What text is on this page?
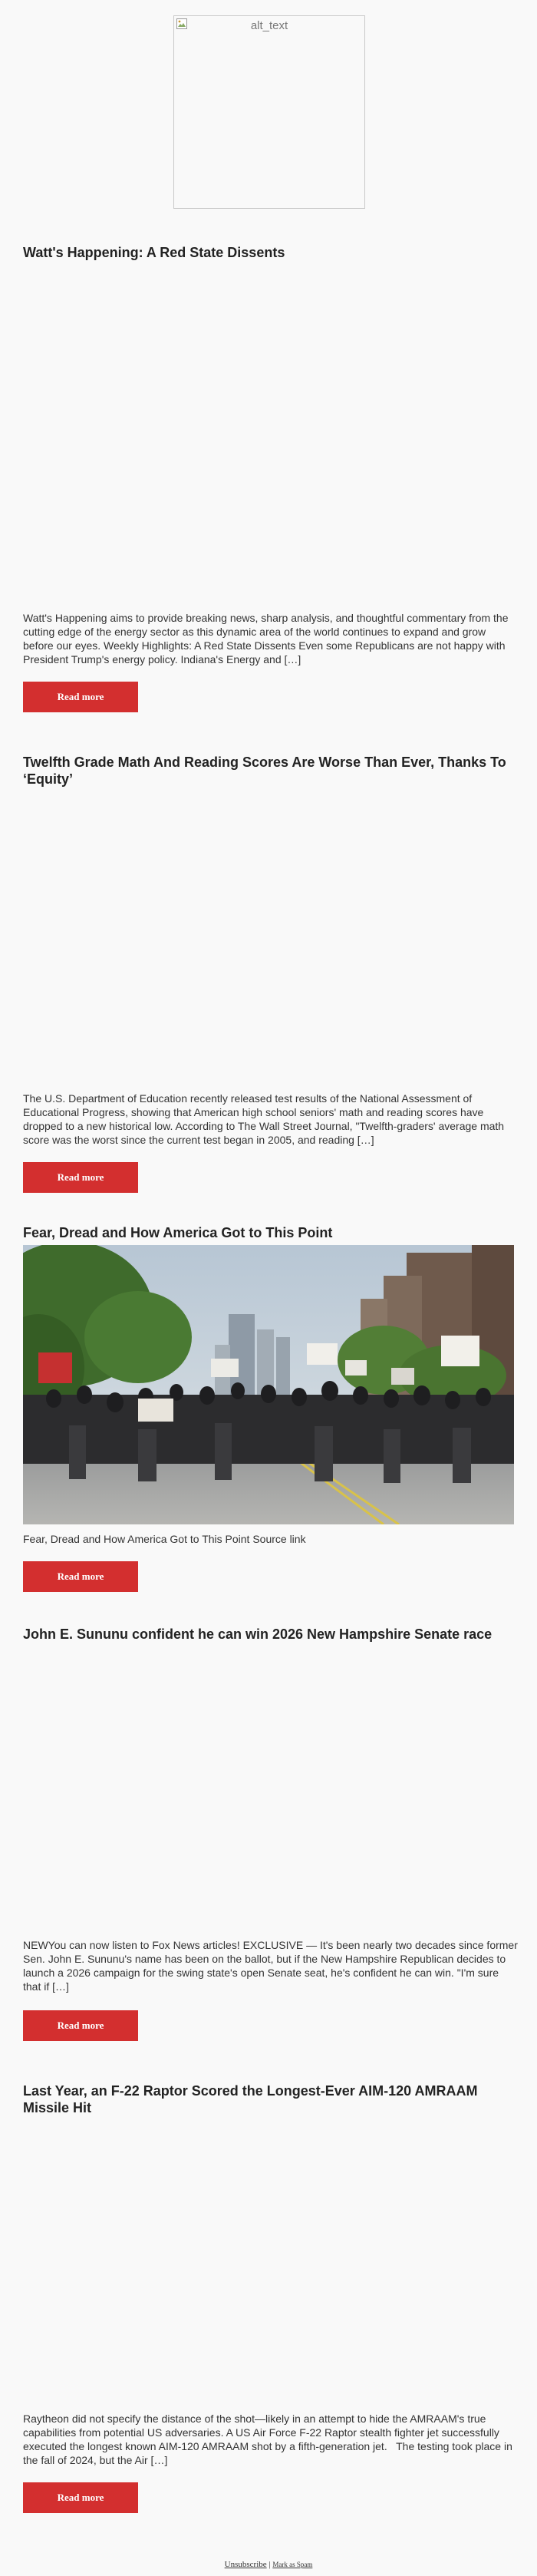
alt_text
Watt's Happening: A Red State Dissents

Watt's Happening aims to provide breaking news, sharp analysis, and thoughtful commentary from the cutting edge of the energy sector as this dynamic area of the world continues to expand and grow before our eyes. Weekly Highlights: A Red State Dissents Even some Republicans are not happy with President Trump's energy policy. Indiana's Energy and […]

Read more
Twelfth Grade Math And Reading Scores Are Worse Than Ever, Thanks To ‘Equity’

The U.S. Department of Education recently released test results of the National Assessment of Educational Progress, showing that American high school seniors' math and reading scores have dropped to a new historical low. According to The Wall Street Journal, "Twelfth-graders' average math score was the worst since the current test began in 2005, and reading […]

Read more
Fear, Dread and How America Got to This Point

Fear, Dread and How America Got to This Point Source link

Read more
John E. Sununu confident he can win 2026 New Hampshire Senate race

NEWYou can now listen to Fox News articles! EXCLUSIVE — It's been nearly two decades since former Sen. John E. Sununu's name has been on the ballot, but if the New Hampshire Republican decides to launch a 2026 campaign for the swing state's open Senate seat, he's confident he can win. "I'm sure that if […]

Read more
Last Year, an F-22 Raptor Scored the Longest-Ever AIM-120 AMRAAM Missile Hit

Raytheon did not specify the distance of the shot—likely in an attempt to hide the AMRAAM's true capabilities from potential US adversaries. A US Air Force F-22 Raptor stealth fighter jet successfully executed the longest known AIM-120 AMRAAM shot by a fifth-generation jet.   The testing took place in the fall of 2024, but the Air […]

Read more
Unsubscribe | Mark as Spam
